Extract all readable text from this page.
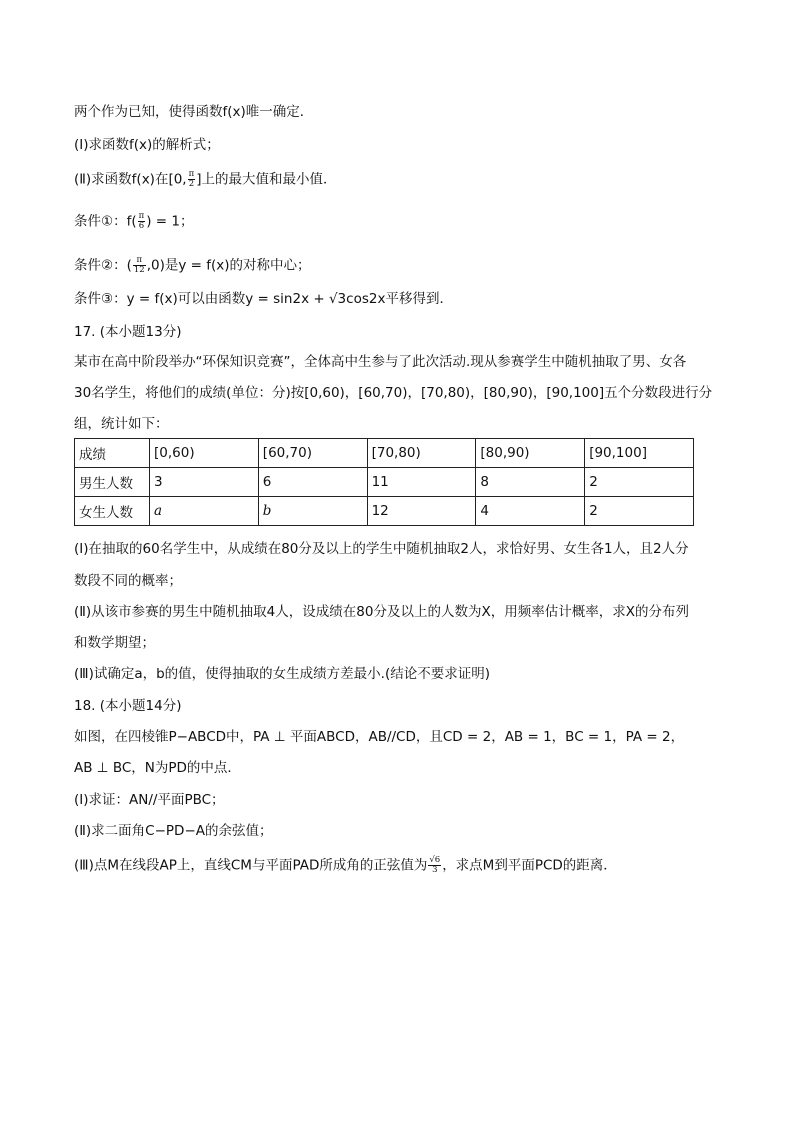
两个作为已知，使得函数f(x)唯一确定．
(Ⅰ)求函数f(x)的解析式；
(Ⅱ)求函数f(x)在[0, $\frac{\pi}{2}$ ]上的最大值和最小值．
条件①：$f( \frac{\pi}{6}$ ) = 1；
条件②：( $\frac{\pi}{12} ,0$)是y = f(x)的对称中心；
条件③：y = f(x)可以由函数y = sin2x + √3cos2x平移得到．
17. (本小题13分)
某市在高中阶段举办“环保知识竞赛”，全体高中生参与了此次活动.现从参赛学生中随机抽取了男、女各
30名学生，将他们的成绩(单位：分)按[0,60)，[60,70)，[70,80)，[80,90)，[90,100]五个分数段进行分
组，统计如下：
成绩	[0,60)	[60,70)	[70,80)	[80,90)	[90,100]
男生人数	3	6	11	8	2
女生人数	a	b	12	4	2
(Ⅰ)在抽取的60名学生中，从成绩在80分及以上的学生中随机抽取2人，求恰好男、女生各1人，且2人分
数段不同的概率；
(Ⅱ)从该市参赛的男生中随机抽取4人，设成绩在80分及以上的人数为X，用频率估计概率，求X的分布列
和数学期望；
(Ⅲ)试确定a，b的值，使得抽取的女生成绩方差最小.(结论不要求证明)
18. (本小题14分)
如图，在四棱锥P−ABCD中，PA ⊥ 平面ABCD，AB//CD，且CD = 2，AB = 1，BC = 1，PA = 2，
AB ⊥ BC，N为PD的中点．
(Ⅰ)求证：AN//平面PBC；
(Ⅱ)求二面角C−PD−A的余弦值；
(Ⅲ)点M在线段AP上，直线CM与平面PAD所成角的正弦值为 $\frac{√6}{3}$ ，求点M到平面PCD的距离．
